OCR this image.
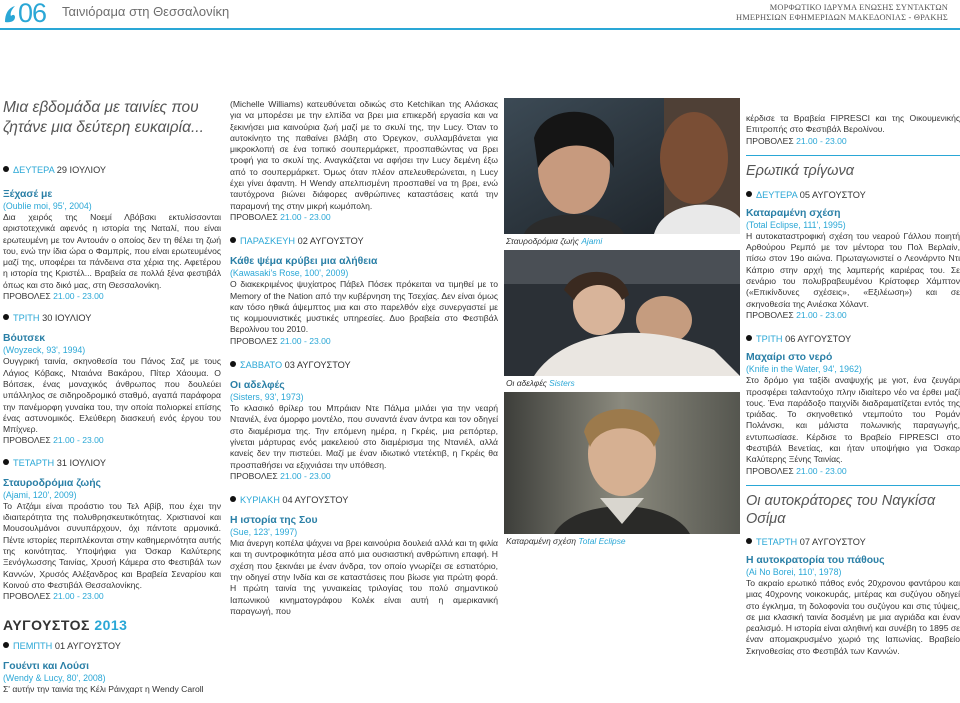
06 Ταινιόραμα στη Θεσσαλονίκη	ΜΟΡΦΩΤΙΚΟ ΙΔΡΥΜΑ ΕΝΩΣΗΣ ΣΥΝΤΑΚΤΩΝ
ΗΜΕΡΗΣΙΩΝ ΕΦΗΜΕΡΙΔΩΝ ΜΑΚΕΔΟΝΙΑΣ - ΘΡΑΚΗΣ
Μια εβδομάδα με ταινίες που ζητάνε μια δεύτερη ευκαιρία...
ΔΕΥΤΕΡΑ 29 ΙΟΥΛΙΟΥ
Ξέχασέ με
(Oublie moi, 95', 2004)

Δια χειρός της Νοεμί Λβόβσκι εκτυλίσσονται αριστοτεχνικά αφενός η ιστορία της Ναταλί, που είναι ερωτευμένη με τον Αντουάν ο οποίος δεν τη θέλει τη ζωή του, ενώ την ίδια ώρα ο Φαμπρίς, που είναι ερωτευμένος μαζί της, υποφέρει τα πάνδεινα στα χέρια της. Αφετέρου η ιστορία της Κριστέλ... Βραβεία σε πολλά ξένα φεστιβάλ όπως και στο δικό μας, στη Θεσσαλονίκη.

ΠΡΟΒΟΛΕΣ 21.00 - 23.00
ΤΡΙΤΗ 30 ΙΟΥΛΙΟΥ
Βόυτσεκ
(Woyzeck, 93', 1994)

Ουγγρική ταινία, σκηνοθεσία του Πάνος Σαζ με τους Λάγιος Κόβακς, Νταιάνα Βακάρου, Πίτερ Χάουμα. Ο Βόιτσεκ, ένας μοναχικός άνθρωπος που δουλεύει υπάλληλος σε σιδηροδρομικό σταθμό, αγαπά παράφορα την πανέμορφη γυναίκα του, την οποία πολιορκεί επίσης ένας αστυνομικός. Ελεύθερη διασκευή ενός έργου του Μπίχνερ.

ΠΡΟΒΟΛΕΣ 21.00 - 23.00
ΤΕΤΑΡΤΗ 31 ΙΟΥΛΙΟΥ
Σταυροδρόμια ζωής
(Ajami, 120', 2009)

Το Ατζάμι είναι προάστιο του Τελ Αβίβ, που έχει την ιδιαιτερότητα της πολυθρησκευτικότητας. Χριστιανοί και Μουσουλμάνοι συνυπάρχουν, όχι πάντοτε αρμονικά. Πέντε ιστορίες περιπλέκονται στην καθημερινότητα αυτής της κοινότητας. Υποψήφια για Όσκαρ Καλύτερης Ξενόγλωσσης Ταινίας, Χρυσή Κάμερα στο Φεστιβάλ των Καννών, Χρυσός Αλέξανδρος και Βραβεία Σεναρίου και Κοινού στο Φεστιβάλ Θεσσαλονίκης.

ΠΡΟΒΟΛΕΣ 21.00 - 23.00
ΑΥΓΟΥΣΤΟΣ 2013
ΠΕΜΠΤΗ 01 ΑΥΓΟΥΣΤΟΥ
Γουέντι και Λούσι
(Wendy & Lucy, 80', 2008)

Σ' αυτήν την ταινία της Κέλι Ράινχαρτ η Wendy Caroll

(Michelle Williams) κατευθύνεται οδικώς στο Ketchikan της Αλάσκας για να μπορέσει με την ελπίδα να βρει μια επικερδή εργασία και να ξεκινήσει μια καινούρια ζωή μαζί με το σκυλί της, την Lucy. Όταν το αυτοκίνητο της παθαίνει βλάβη στο Όρεγκον, συλλαμβάνεται για μικροκλοπή σε ένα τοπικό σουπερμάρκετ, προσπαθώντας να βρει τροφή για το σκυλί της. Αναγκάζεται να αφήσει την Lucy δεμένη έξω από το σουπερμάρκετ. Όμως όταν πλέον απελευθερώνεται, η Lucy έχει γίνει άφαντη. Η Wendy απελπισμένη προσπαθεί να τη βρει, ενώ ταυτόχρονα βιώνει διάφορες ανθρώπινες καταστάσεις κατά την παραμονή της στην μικρή κωμόπολη.

ΠΡΟΒΟΛΕΣ 21.00 - 23.00
ΠΑΡΑΣΚΕΥΗ 02 ΑΥΓΟΥΣΤΟΥ
Κάθε ψέμα κρύβει μια αλήθεια
(Kawasaki's Rose, 100', 2009)

Ο διακεκριμένος ψυχίατρος Πάβελ Πόσεκ πρόκειται να τιμηθεί με το Memory of the Nation από την κυβέρνηση της Τσεχίας. Δεν είναι όμως καν τόσο ηθικά άψεμπτος μια και στο παρελθόν είχε συνεργαστεί με τις κομμουνιστικές μυστικές υπηρεσίες. Δυο βραβεία στο Φεστιβάλ Βερολίνου του 2010.

ΠΡΟΒΟΛΕΣ 21.00 - 23.00
ΣΑΒΒΑΤΟ 03 ΑΥΓΟΥΣΤΟΥ
Οι αδελφές
(Sisters, 93', 1973)

Το κλασικό θρίλερ του Μπράιαν Ντε Πάλμα μιλάει για την νεαρή Ντανιέλ, ένα όμορφο μοντέλο, που συναντά έναν άντρα και τον οδηγεί στο διαμέρισμα της. Την επόμενη ημέρα, η Γκρέις, μια ρεπόρτερ, γίνεται μάρτυρας ενός μακελειού στο διαμέρισμα της Ντανιέλ, αλλά κανείς δεν την πιστεύει. Μαζί με έναν ιδιωτικό ντετέκτιβ, η Γκρέις θα προσπαθήσει να εξιχνιάσει την υπόθεση.

ΠΡΟΒΟΛΕΣ 21.00 - 23.00
ΚΥΡΙΑΚΗ 04 ΑΥΓΟΥΣΤΟΥ
Η ιστορία της Σου
(Sue, 123', 1997)

Μια άνεργη κοπέλα ψάχνει να βρει καινούρια δουλειά αλλά και τη φιλία και τη συντροφικότητα μέσα από μια ουσιαστική ανθρώπινη επαφή. Η σχέση που ξεκινάει με έναν άνδρα, τον οποίο γνωρίζει σε εστιατόριο, την οδηγεί στην Ινδία και σε καταστάσεις που βίωσε για πρώτη φορά. Η πρώτη ταινία της γυναικείας τριλογίας του πολύ σημαντικού Ιαπωνικού κινηματογράφου Κολέκ είναι αυτή η αμερικανική παραγωγή, που

Σταυροδρόμια ζωής Ajami
Οι αδελφές Sisters
Καταραμένη σχέση Total Eclipse

κέρδισε τα Βραβεία FIPRESCI και της Οικουμενικής Επιτροπής στο Φεστιβάλ Βερολίνου.

ΠΡΟΒΟΛΕΣ 21.00 - 23.00
Ερωτικά τρίγωνα
ΔΕΥΤΕΡΑ 05 ΑΥΓΟΥΣΤΟΥ
Καταραμένη σχέση
(Total Eclipse, 111', 1995)

Η αυτοκαταστροφική σχέση του νεαρού Γάλλου ποιητή Αρθούρου Ρεμπό με τον μέντορα του Πολ Βερλαίν, πίσω στον 19ο αιώνα. Πρωταγωνιστεί ο Λεονάρντο Ντι Κάπριο στην αρχή της λαμπερής καριέρας του. Σε σενάριο του πολυβραβευμένου Κρίστοφερ Χάμπτον («Επικίνδυνες σχέσεις», «Εξιλέωση») και σε σκηνοθεσία της Ανιέσκα Χόλαντ.

ΠΡΟΒΟΛΕΣ 21.00 - 23.00
ΤΡΙΤΗ 06 ΑΥΓΟΥΣΤΟΥ
Μαχαίρι στο νερό
(Knife in the Water, 94', 1962)

Στο δρόμο για ταξίδι αναψυχής με γιοτ, ένα ζευγάρι προσφέρει ταλαντούχο πλην ιδιαίτερο νέο να έρθει μαζί τους. Ένα παράδοξο παιχνίδι διαδραματίζεται εντός της τριάδας. Το σκηνοθετικό ντεμπούτο του Ρομάν Πολάνσκι, και μάλιστα πολωνικής παραγωγής, εντυπωσίασε. Κέρδισε το Βραβείο FIPRESCI στο Φεστιβάλ Βενετίας, και ήταν υποψήφιο για Όσκαρ Καλύτερης Ξένης Ταινίας.

ΠΡΟΒΟΛΕΣ 21.00 - 23.00
Οι αυτοκράτορες του Ναγκίσα Οσίμα
ΤΕΤΑΡΤΗ 07 ΑΥΓΟΥΣΤΟΥ
Η αυτοκρατορία του πάθους
(Ai No Borei, 110', 1978)

Το ακραίο ερωτικό πάθος ενός 20χρονου φαντάρου και μιας 40χρονης νοικοκυράς, μιτέρας και συζύγου οδηγεί στο έγκλημα, τη δολοφονία του συζύγου και στις τύψεις, σε μια κλασική ταινία δοσμένη με μια αγριάδα και έναν ρεαλισμό. Η ιστορία είναι αληθινή και συνέβη το 1895 σε έναν απομακρυσμένο χωριό της Ιαπωνίας. Βραβείο Σκηνοθεσίας στο Φεστιβάλ των Καννών.
